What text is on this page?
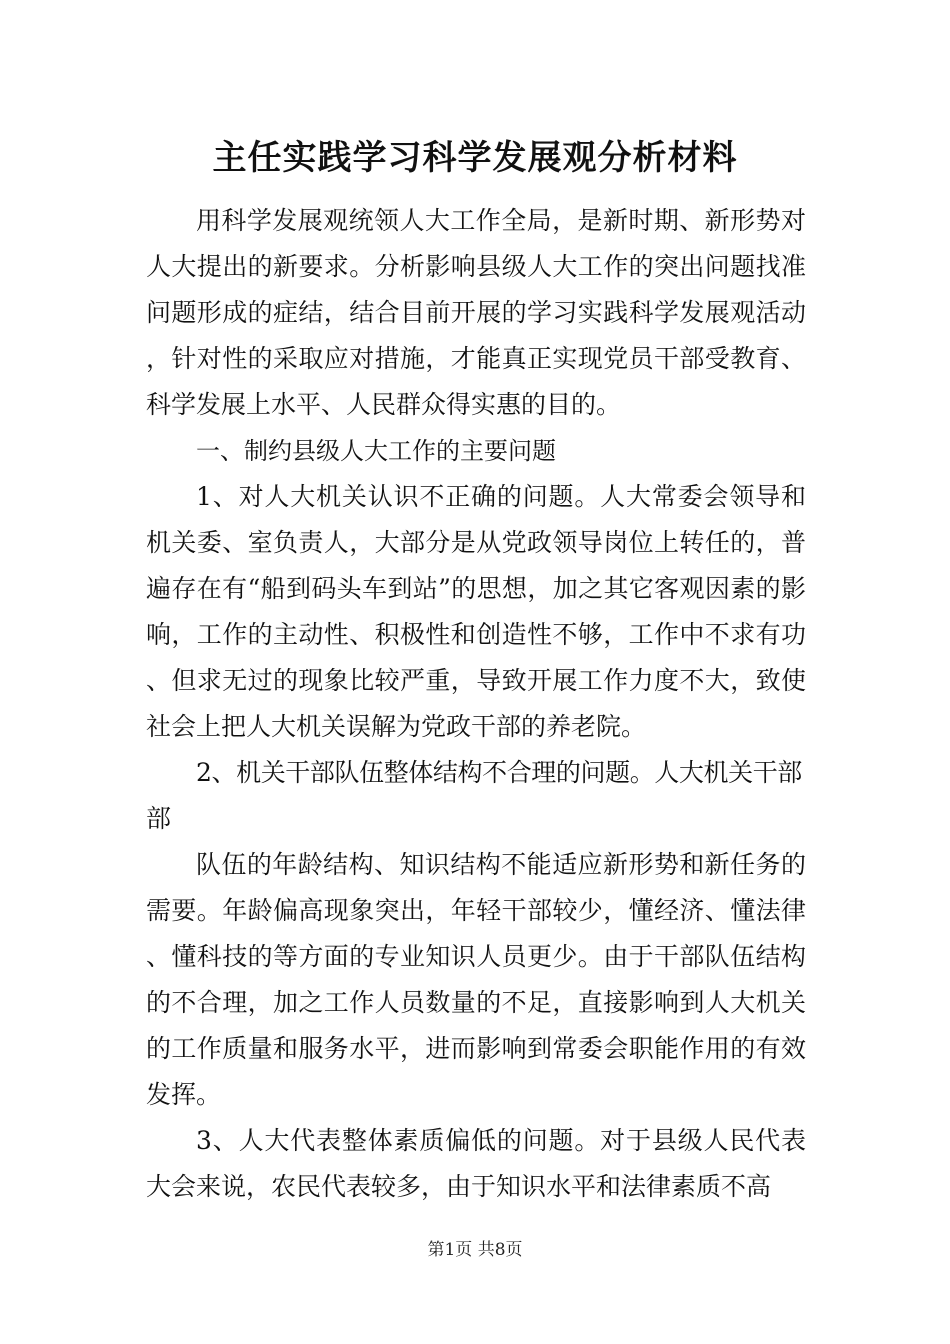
主任实践学习科学发展观分析材料

用科学发展观统领人大工作全局，是新时期、新形势对人大提出的新要求。分析影响县级人大工作的突出问题找准问题形成的症结，结合目前开展的学习实践科学发展观活动，针对性的采取应对措施，才能真正实现党员干部受教育、科学发展上水平、人民群众得实惠的目的。

一、制约县级人大工作的主要问题

1、对人大机关认识不正确的问题。人大常委会领导和机关委、室负责人，大部分是从党政领导岗位上转任的，普遍存在有“船到码头车到站”的思想，加之其它客观因素的影响，工作的主动性、积极性和创造性不够，工作中不求有功、但求无过的现象比较严重，导致开展工作力度不大，致使社会上把人大机关误解为党政干部的养老院。

2、机关干部队伍整体结构不合理的问题。人大机关干部

部

队伍的年龄结构、知识结构不能适应新形势和新任务的需要。年龄偏高现象突出，年轻干部较少，懂经济、懂法律、懂科技的等方面的专业知识人员更少。由于干部队伍结构的不合理，加之工作人员数量的不足，直接影响到人大机关的工作质量和服务水平，进而影响到常委会职能作用的有效发挥。

3、人大代表整体素质偏低的问题。对于县级人民代表大会来说，农民代表较多，由于知识水平和法律素质不高

第1页 共8页
